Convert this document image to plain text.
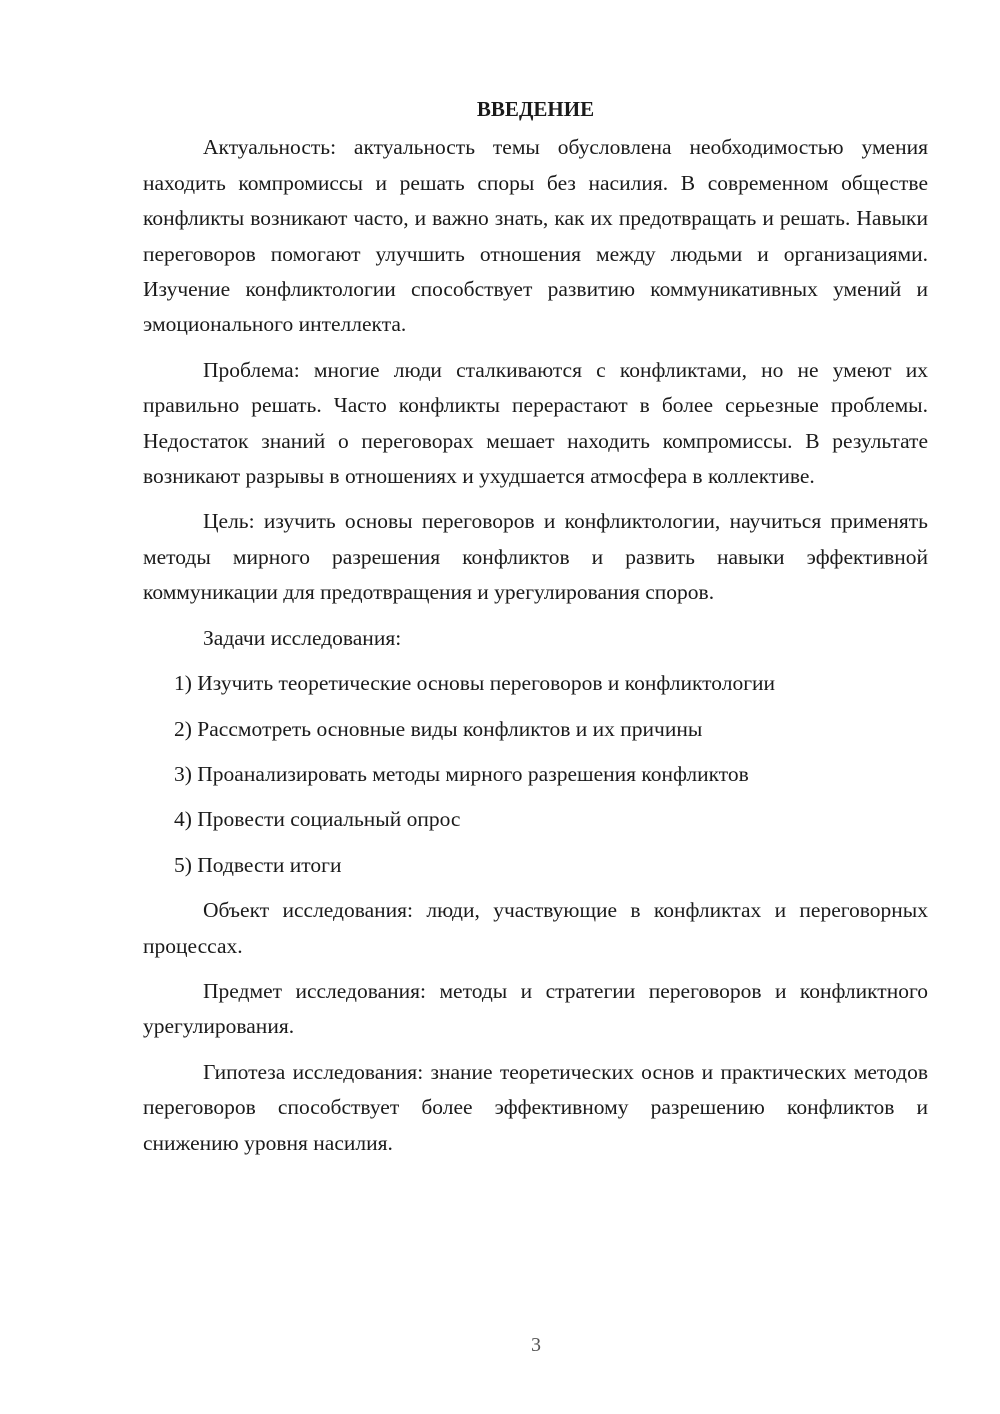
ВВЕДЕНИЕ

Актуальность: актуальность темы обусловлена необходимостью умения находить компромиссы и решать споры без насилия. В современном обществе конфликты возникают часто, и важно знать, как их предотвращать и решать. Навыки переговоров помогают улучшить отношения между людьми и организациями. Изучение конфликтологии способствует развитию коммуникативных умений и эмоционального интеллекта.

Проблема: многие люди сталкиваются с конфликтами, но не умеют их правильно решать. Часто конфликты перерастают в более серьезные проблемы. Недостаток знаний о переговорах мешает находить компромиссы. В результате возникают разрывы в отношениях и ухудшается атмосфера в коллективе.

Цель: изучить основы переговоров и конфликтологии, научиться применять методы мирного разрешения конфликтов и развить навыки эффективной коммуникации для предотвращения и урегулирования споров.

Задачи исследования:

1) Изучить теоретические основы переговоров и конфликтологии
2) Рассмотреть основные виды конфликтов и их причины
3) Проанализировать методы мирного разрешения конфликтов
4) Провести социальный опрос
5) Подвести итоги

Объект исследования: люди, участвующие в конфликтах и переговорных процессах.

Предмет исследования: методы и стратегии переговоров и конфликтного урегулирования.

Гипотеза исследования: знание теоретических основ и практических методов переговоров способствует более эффективному разрешению конфликтов и снижению уровня насилия.

3
